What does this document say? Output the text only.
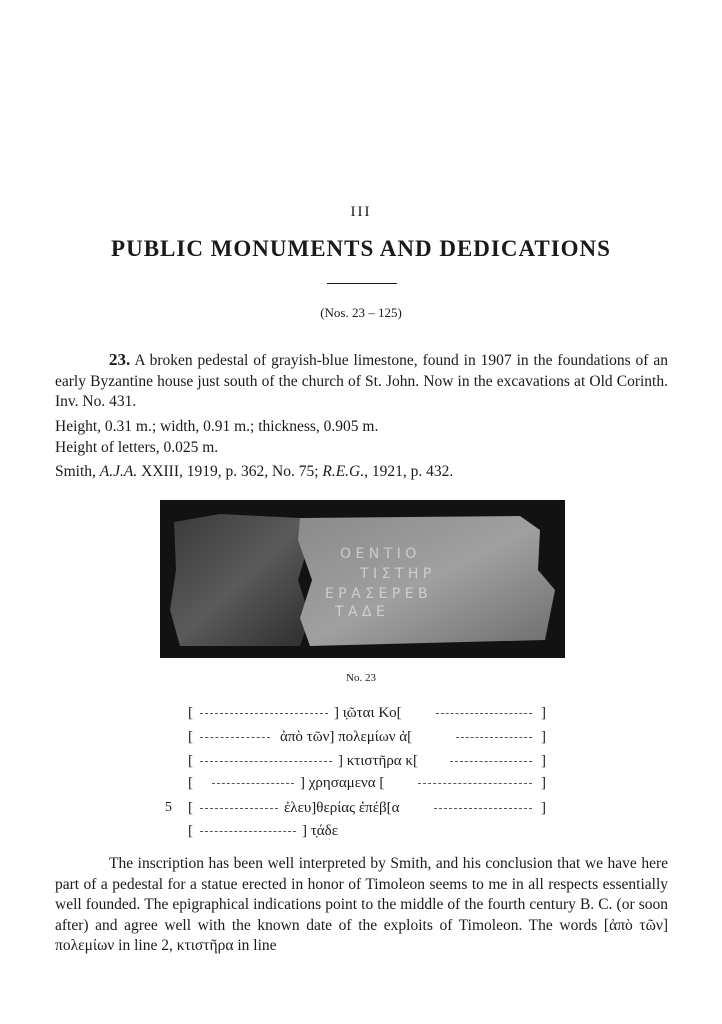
III
PUBLIC MONUMENTS AND DEDICATIONS
(Nos. 23 – 125)
23. A broken pedestal of grayish-blue limestone, found in 1907 in the foundations of an early Byzantine house just south of the church of St. John. Now in the excavations at Old Corinth. Inv. No. 431.
Height, 0.31 m.; width, 0.91 m.; thickness, 0.905 m.
Height of letters, 0.025 m.
Smith, A.J.A. XXIII, 1919, p. 362, No. 75; R.E.G., 1921, p. 432.
Ο Ε Ν Τ Ι Ο
Τ Ι Σ Τ Η Ρ
Ε Ρ Α Σ Ε Ρ Ε Β
Τ Α Δ Ε
No. 23
[	] ι̣ῶται Κο[	]
[	ἀπὸ τῶν] πολεμίων ἀ[	]
[	] κτιστῆρα κ[	]
[	] χρησαμενα [	]
5 [	ἐλευ]θερίας ἐπέβ[α	]
[	] τ̣άδε
The inscription has been well interpreted by Smith, and his conclusion that we have here part of a pedestal for a statue erected in honor of Timoleon seems to me in all respects essentially well founded. The epigraphical indications point to the middle of the fourth century B. C. (or soon after) and agree well with the known date of the exploits of Timoleon. The words [ἀπὸ τῶν] πολεμίων in line 2, κτιστῆρα in line
